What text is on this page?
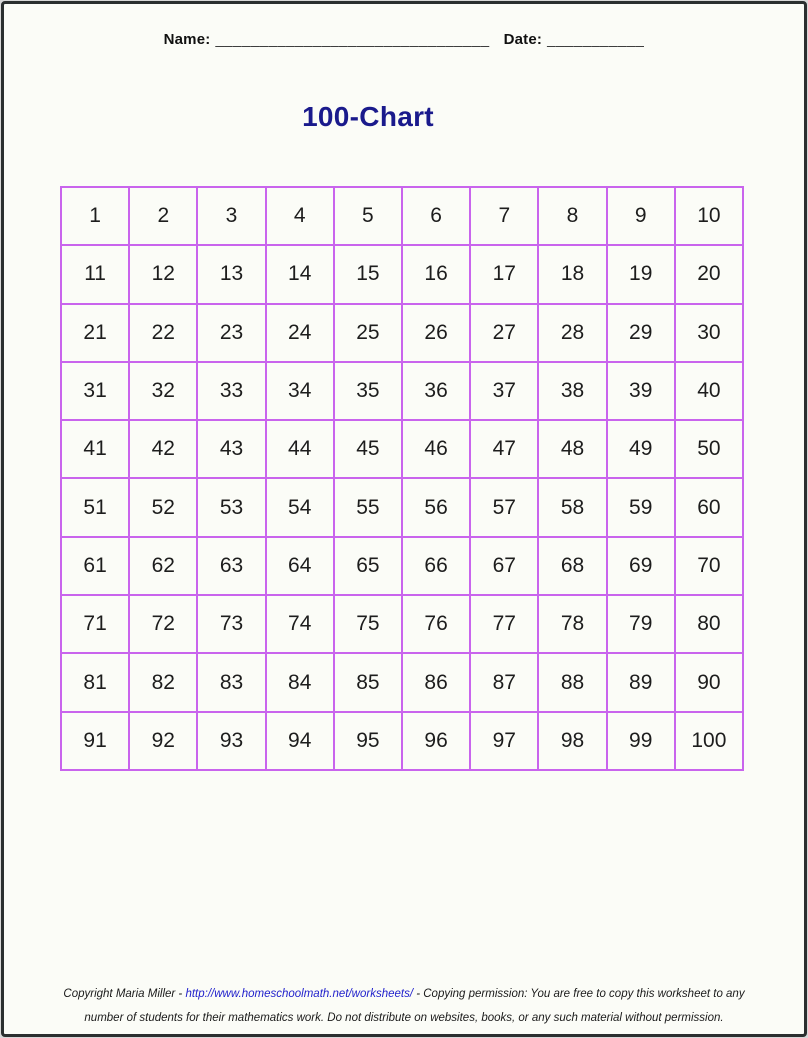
Name: _______________________________ Date: ___________
100-Chart
1	2	3	4	5	6	7	8	9	10
11	12	13	14	15	16	17	18	19	20
21	22	23	24	25	26	27	28	29	30
31	32	33	34	35	36	37	38	39	40
41	42	43	44	45	46	47	48	49	50
51	52	53	54	55	56	57	58	59	60
61	62	63	64	65	66	67	68	69	70
71	72	73	74	75	76	77	78	79	80
81	82	83	84	85	86	87	88	89	90
91	92	93	94	95	96	97	98	99	100
Copyright Maria Miller - http://www.homeschoolmath.net/worksheets/ - Copying permission: You are free to copy this worksheet to any
number of students for their mathematics work. Do not distribute on websites, books, or any such material without permission.
